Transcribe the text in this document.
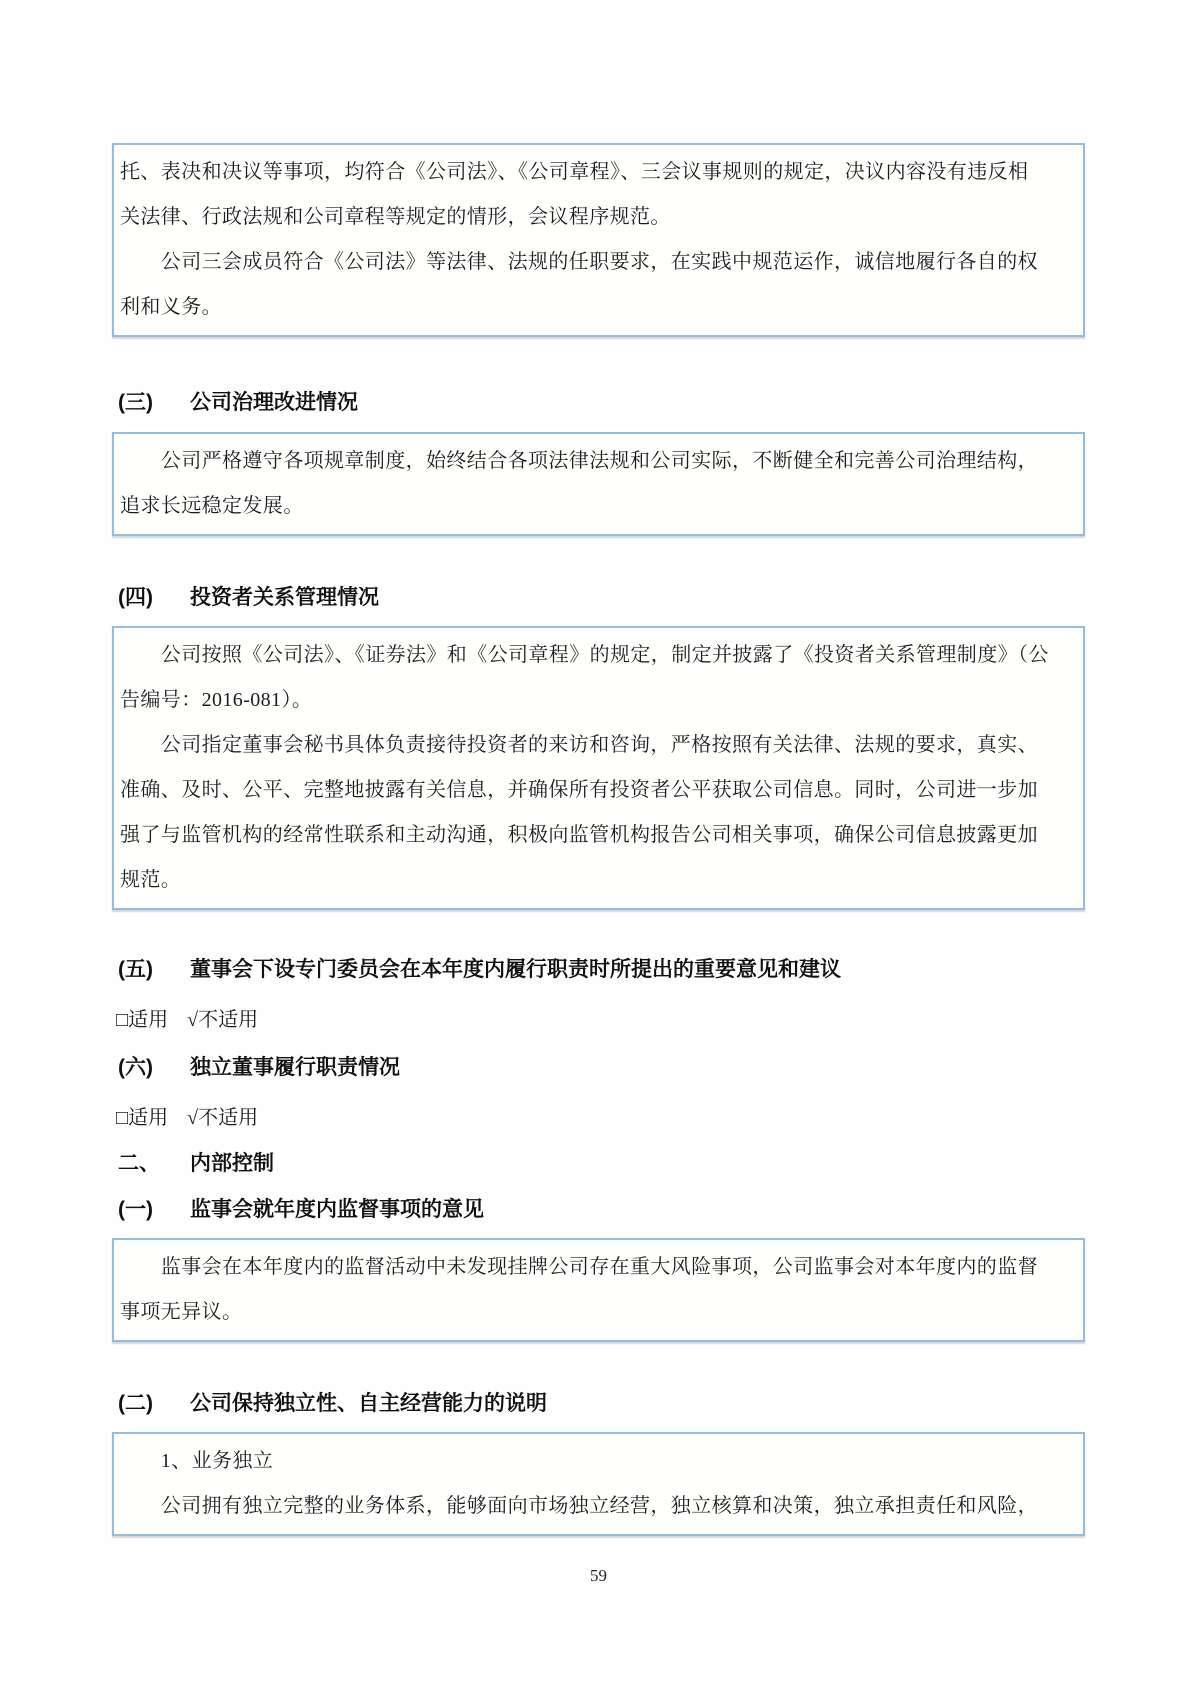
托、表决和决议等事项，均符合《公司法》、《公司章程》、三会议事规则的规定，决议内容没有违反相
关法律、行政法规和公司章程等规定的情形，会议程序规范。
　　公司三会成员符合《公司法》等法律、法规的任职要求，在实践中规范运作，诚信地履行各自的权
利和义务。
(三)	公司治理改进情况
　　公司严格遵守各项规章制度，始终结合各项法律法规和公司实际，不断健全和完善公司治理结构，
追求长远稳定发展。
(四)	投资者关系管理情况
　　公司按照《公司法》、《证券法》和《公司章程》的规定，制定并披露了《投资者关系管理制度》（公
告编号：2016-081）。
　　公司指定董事会秘书具体负责接待投资者的来访和咨询，严格按照有关法律、法规的要求，真实、
准确、及时、公平、完整地披露有关信息，并确保所有投资者公平获取公司信息。同时，公司进一步加
强了与监管机构的经常性联系和主动沟通，积极向监管机构报告公司相关事项，确保公司信息披露更加
规范。
(五)	董事会下设专门委员会在本年度内履行职责时所提出的重要意见和建议
□适用 √不适用
(六)	独立董事履行职责情况
□适用 √不适用
二、	内部控制
(一)	监事会就年度内监督事项的意见
　　监事会在本年度内的监督活动中未发现挂牌公司存在重大风险事项，公司监事会对本年度内的监督
事项无异议。
(二)	公司保持独立性、自主经营能力的说明
　　1、业务独立
　　公司拥有独立完整的业务体系，能够面向市场独立经营，独立核算和决策，独立承担责任和风险，
59
